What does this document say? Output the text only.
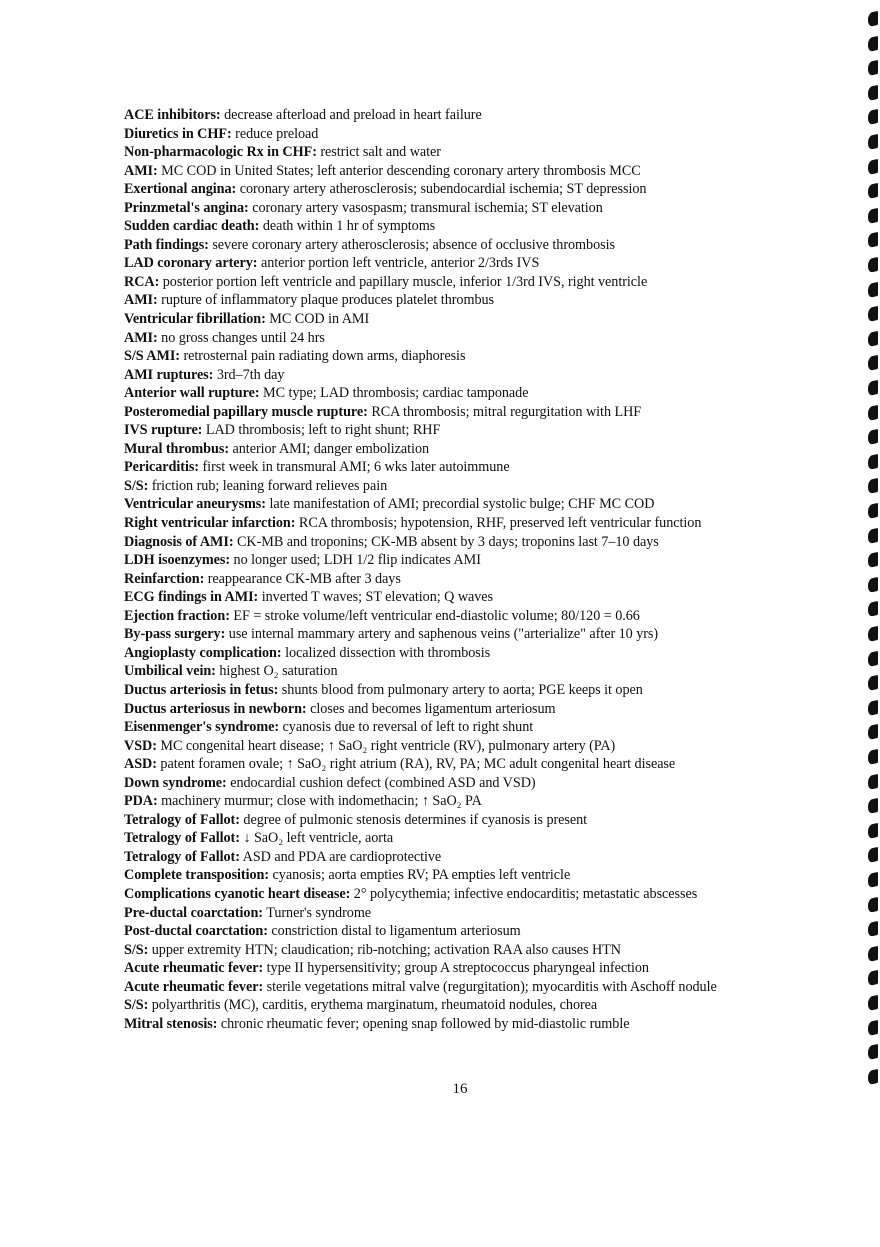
ACE inhibitors: decrease afterload and preload in heart failure
Diuretics in CHF: reduce preload
Non-pharmacologic Rx in CHF: restrict salt and water
AMI: MC COD in United States; left anterior descending coronary artery thrombosis MCC
Exertional angina: coronary artery atherosclerosis; subendocardial ischemia; ST depression
Prinzmetal's angina: coronary artery vasospasm; transmural ischemia; ST elevation
Sudden cardiac death: death within 1 hr of symptoms
Path findings: severe coronary artery atherosclerosis; absence of occlusive thrombosis
LAD coronary artery: anterior portion left ventricle, anterior 2/3rds IVS
RCA: posterior portion left ventricle and papillary muscle, inferior 1/3rd IVS, right ventricle
AMI: rupture of inflammatory plaque produces platelet thrombus
Ventricular fibrillation: MC COD in AMI
AMI: no gross changes until 24 hrs
S/S AMI: retrosternal pain radiating down arms, diaphoresis
AMI ruptures: 3rd–7th day
Anterior wall rupture: MC type; LAD thrombosis; cardiac tamponade
Posteromedial papillary muscle rupture: RCA thrombosis; mitral regurgitation with LHF
IVS rupture: LAD thrombosis; left to right shunt; RHF
Mural thrombus: anterior AMI; danger embolization
Pericarditis: first week in transmural AMI; 6 wks later autoimmune
S/S: friction rub; leaning forward relieves pain
Ventricular aneurysms: late manifestation of AMI; precordial systolic bulge; CHF MC COD
Right ventricular infarction: RCA thrombosis; hypotension, RHF, preserved left ventricular function
Diagnosis of AMI: CK-MB and troponins; CK-MB absent by 3 days; troponins last 7–10 days
LDH isoenzymes: no longer used; LDH 1/2 flip indicates AMI
Reinfarction: reappearance CK-MB after 3 days
ECG findings in AMI: inverted T waves; ST elevation; Q waves
Ejection fraction: EF = stroke volume/left ventricular end-diastolic volume; 80/120 = 0.66
By-pass surgery: use internal mammary artery and saphenous veins ("arterialize" after 10 yrs)
Angioplasty complication: localized dissection with thrombosis
Umbilical vein: highest O₂ saturation
Ductus arteriosis in fetus: shunts blood from pulmonary artery to aorta; PGE keeps it open
Ductus arteriosus in newborn: closes and becomes ligamentum arteriosum
Eisenmenger's syndrome: cyanosis due to reversal of left to right shunt
VSD: MC congenital heart disease; ↑ SaO₂ right ventricle (RV), pulmonary artery (PA)
ASD: patent foramen ovale; ↑ SaO₂ right atrium (RA), RV, PA; MC adult congenital heart disease
Down syndrome: endocardial cushion defect (combined ASD and VSD)
PDA: machinery murmur; close with indomethacin; ↑ SaO₂ PA
Tetralogy of Fallot: degree of pulmonic stenosis determines if cyanosis is present
Tetralogy of Fallot: ↓ SaO₂ left ventricle, aorta
Tetralogy of Fallot: ASD and PDA are cardioprotective
Complete transposition: cyanosis; aorta empties RV; PA empties left ventricle
Complications cyanotic heart disease: 2° polycythemia; infective endocarditis; metastatic abscesses
Pre-ductal coarctation: Turner's syndrome
Post-ductal coarctation: constriction distal to ligamentum arteriosum
S/S: upper extremity HTN; claudication; rib-notching; activation RAA also causes HTN
Acute rheumatic fever: type II hypersensitivity; group A streptococcus pharyngeal infection
Acute rheumatic fever: sterile vegetations mitral valve (regurgitation); myocarditis with Aschoff nodule
S/S: polyarthritis (MC), carditis, erythema marginatum, rheumatoid nodules, chorea
Mitral stenosis: chronic rheumatic fever; opening snap followed by mid-diastolic rumble
16
